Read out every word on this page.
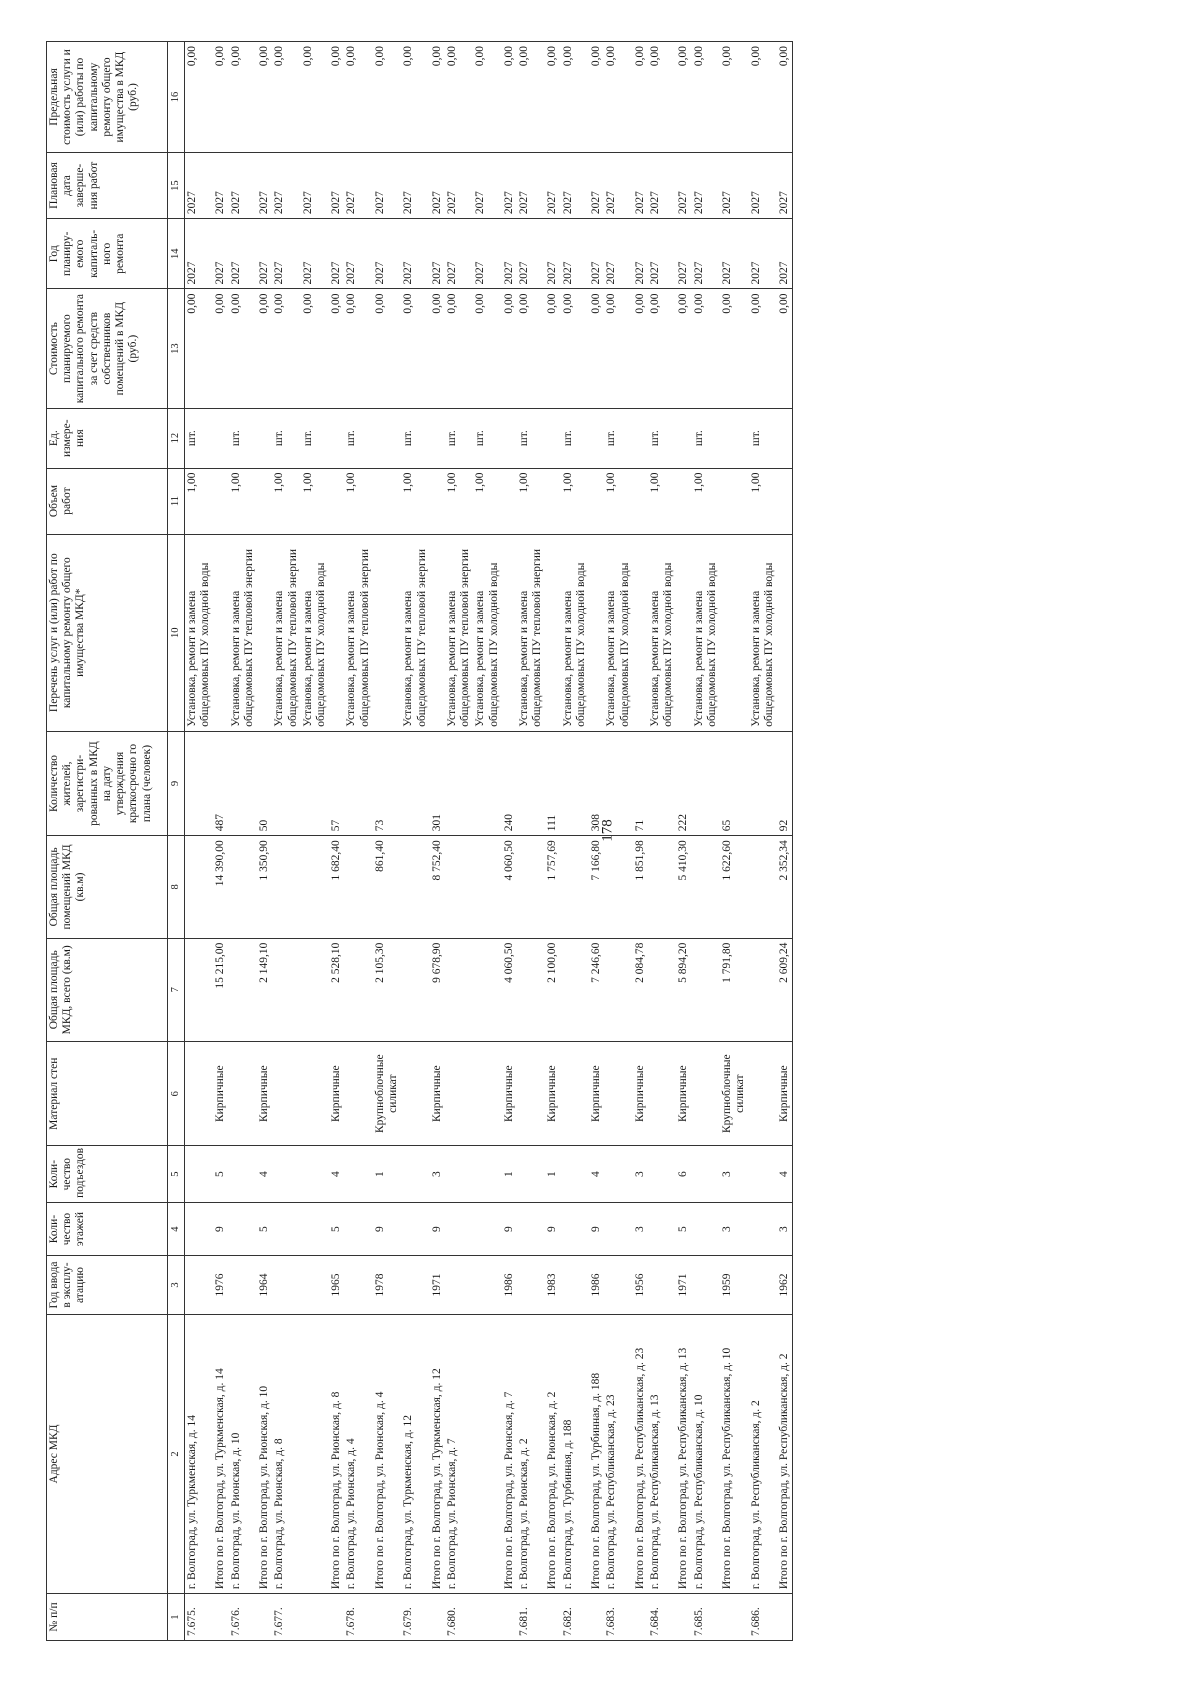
178
№ п/п	Адрес МКД	Год ввода в эксплу-атацию	Коли-чество этажей	Коли-чество подъездов	Материал стен	Общая площадь МКД, всего (кв.м)	Общая площадь помещений МКД (кв.м)	Количество жителей, зарегистри-рованных в МКД на дату утверждения краткосрочно го плана (человек)	Перечень услуг и (или) работ по капитальному ремонту общего имущества МКД*	Объем работ	Ед. измере-ния	Стоимость планируемого капитального ремонта за счет средств собственников помещений в МКД (руб.)	Год планиру-емого капиталь-ного ремонта	Плановая дата заверше-ния работ	Предельная стоимость услуги и (или) работы по капитальному ремонту общего имущества в МКД (руб.)
1	2	3	4	5	6	7	8	9	10	11	12	13	14	15	16
7.675.	г. Волгоград, ул. Туркменская, д. 14								Установка, ремонт и замена общедомовых ПУ холодной воды	1,00	шт.	0,00	2027	2027	0,00
	Итого по г. Волгоград, ул. Туркменская, д. 14	1976	9	5	Кирпичные	15 215,00	14 390,00	487				0,00	2027	2027	0,00
7.676.	г. Волгоград, ул. Рионская, д. 10								Установка, ремонт и замена общедомовых ПУ тепловой энергии	1,00	шт.	0,00	2027	2027	0,00
	Итого по г. Волгоград, ул. Рионская, д. 10	1964	5	4	Кирпичные	2 149,10	1 350,90	50				0,00	2027	2027	0,00
7.677.	г. Волгоград, ул. Рионская, д. 8								Установка, ремонт и замена общедомовых ПУ тепловой энергии	1,00	шт.	0,00	2027	2027	0,00
									Установка, ремонт и замена общедомовых ПУ холодной воды	1,00	шт.	0,00	2027	2027	0,00
	Итого по г. Волгоград, ул. Рионская, д. 8	1965	5	4	Кирпичные	2 528,10	1 682,40	57				0,00	2027	2027	0,00
7.678.	г. Волгоград, ул. Рионская, д. 4								Установка, ремонт и замена общедомовых ПУ тепловой энергии	1,00	шт.	0,00	2027	2027	0,00
	Итого по г. Волгоград, ул. Рионская, д. 4	1978	9	1	Крупноблочные силикат	2 105,30	861,40	73				0,00	2027	2027	0,00
7.679.	г. Волгоград, ул. Туркменская, д. 12								Установка, ремонт и замена общедомовых ПУ тепловой энергии	1,00	шт.	0,00	2027	2027	0,00
	Итого по г. Волгоград, ул. Туркменская, д. 12	1971	9	3	Кирпичные	9 678,90	8 752,40	301				0,00	2027	2027	0,00
7.680.	г. Волгоград, ул. Рионская, д. 7								Установка, ремонт и замена общедомовых ПУ тепловой энергии	1,00	шт.	0,00	2027	2027	0,00
									Установка, ремонт и замена общедомовых ПУ холодной воды	1,00	шт.	0,00	2027	2027	0,00
	Итого по г. Волгоград, ул. Рионская, д. 7	1986	9	1	Кирпичные	4 060,50	4 060,50	240				0,00	2027	2027	0,00
7.681.	г. Волгоград, ул. Рионская, д. 2								Установка, ремонт и замена общедомовых ПУ тепловой энергии	1,00	шт.	0,00	2027	2027	0,00
	Итого по г. Волгоград, ул. Рионская, д. 2	1983	9	1	Кирпичные	2 100,00	1 757,69	111				0,00	2027	2027	0,00
7.682.	г. Волгоград, ул. Турбинная, д. 188								Установка, ремонт и замена общедомовых ПУ холодной воды	1,00	шт.	0,00	2027	2027	0,00
	Итого по г. Волгоград, ул. Турбинная, д. 188	1986	9	4	Кирпичные	7 246,60	7 166,80	308				0,00	2027	2027	0,00
7.683.	г. Волгоград, ул. Республиканская, д. 23								Установка, ремонт и замена общедомовых ПУ холодной воды	1,00	шт.	0,00	2027	2027	0,00
	Итого по г. Волгоград, ул. Республиканская, д. 23	1956	3	3	Кирпичные	2 084,78	1 851,98	71				0,00	2027	2027	0,00
7.684.	г. Волгоград, ул. Республиканская, д. 13								Установка, ремонт и замена общедомовых ПУ холодной воды	1,00	шт.	0,00	2027	2027	0,00
	Итого по г. Волгоград, ул. Республиканская, д. 13	1971	5	6	Кирпичные	5 894,20	5 410,30	222				0,00	2027	2027	0,00
7.685.	г. Волгоград, ул. Республиканская, д. 10								Установка, ремонт и замена общедомовых ПУ холодной воды	1,00	шт.	0,00	2027	2027	0,00
	Итого по г. Волгоград, ул. Республиканская, д. 10	1959	3	3	Крупноблочные силикат	1 791,80	1 622,60	65				0,00	2027	2027	0,00
7.686.	г. Волгоград, ул. Республиканская, д. 2								Установка, ремонт и замена общедомовых ПУ холодной воды	1,00	шт.	0,00	2027	2027	0,00
	Итого по г. Волгоград, ул. Республиканская, д. 2	1962	3	4	Кирпичные	2 609,24	2 352,34	92				0,00	2027	2027	0,00
